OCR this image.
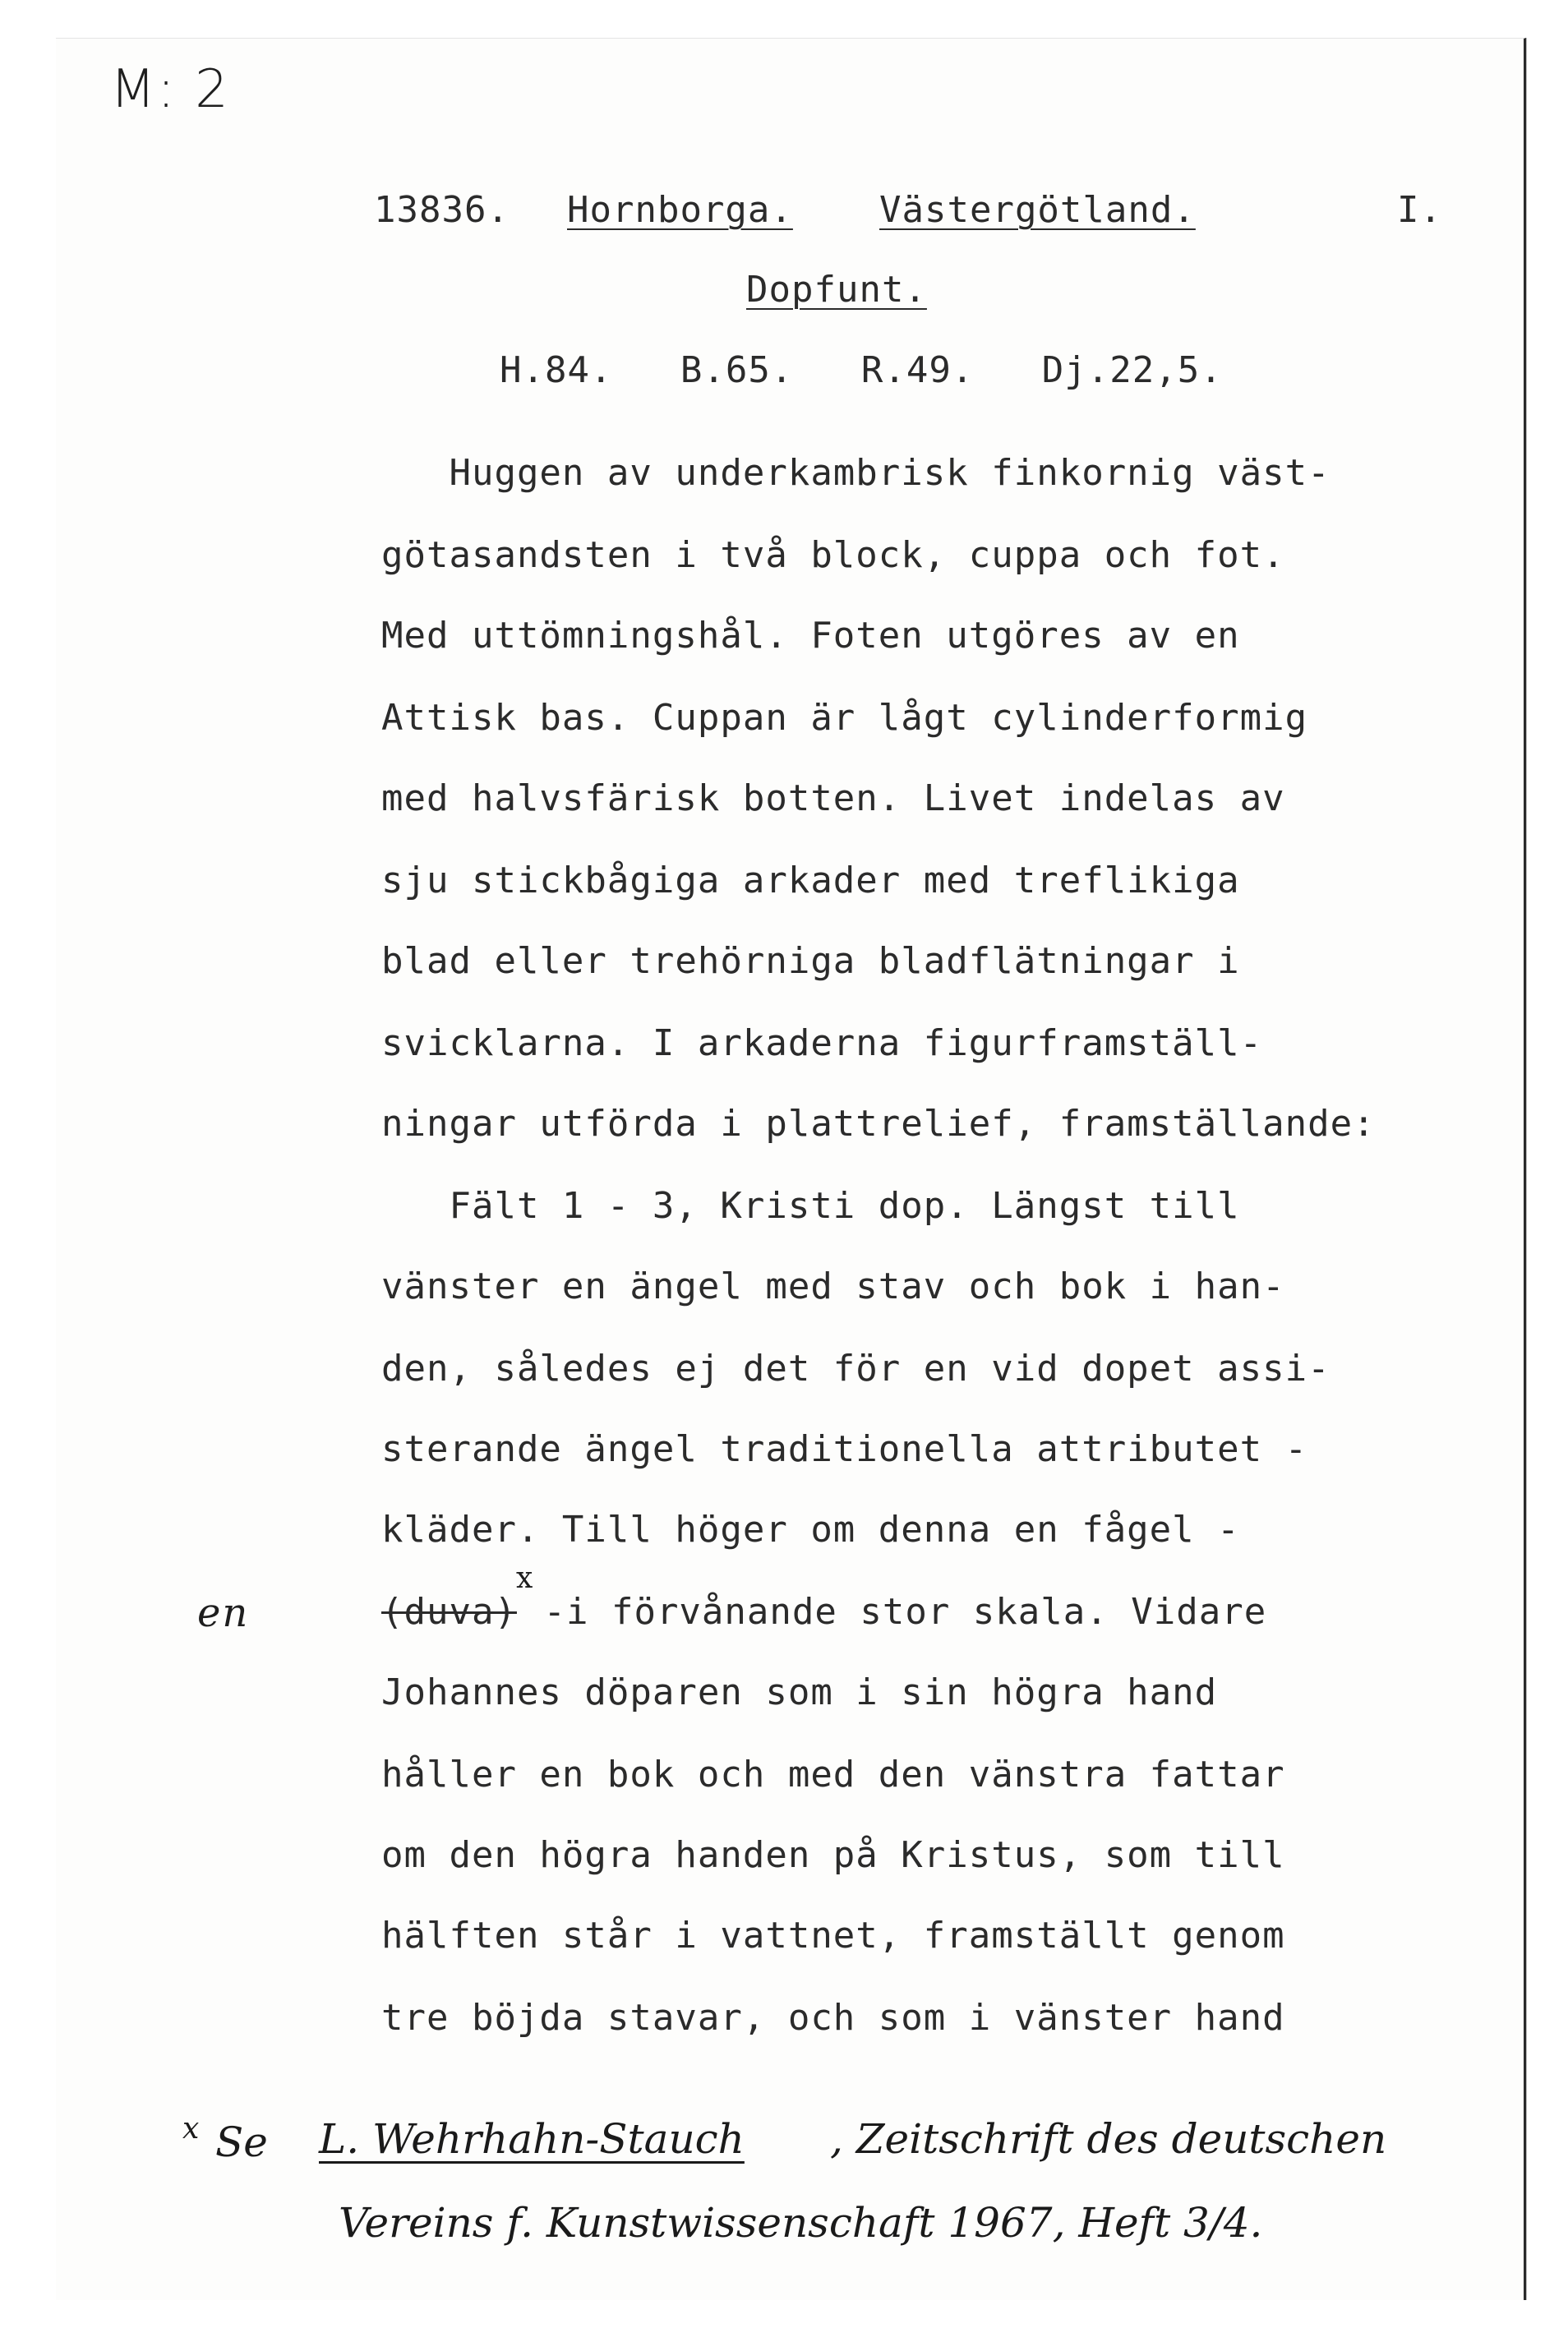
M: 2
13836. Hornborga. Västergötland.	I.
Dopfunt.
H.84.   B.65.   R.49.   Dj.22,5.
Huggen av underkambrisk finkornig väst-
götasandsten i två block, cuppa och fot.
Med uttömningshål. Foten utgöres av en
Attisk bas. Cuppan är lågt cylinderformig
med halvsfärisk botten. Livet indelas av
sju stickbågiga arkader med treflikiga
blad eller trehörniga bladflätningar i
svicklarna. I arkaderna figurframställ-
ningar utförda i plattrelief, framställande:
Fält 1 - 3, Kristi dop. Längst till
vänster en ängel med stav och bok i han-
den, således ej det för en vid dopet assi-
sterande ängel traditionella attributet -
kläder. Till höger om denna en fågel -
en
x
(duva) -i förvånande stor skala. Vidare
Johannes döparen som i sin högra hand
håller en bok och med den vänstra fattar
om den högra handen på Kristus, som till
hälften står i vattnet, framställt genom
tre böjda stavar, och som i vänster hand
x Se L. Wehrhahn-Stauch , Zeitschrift des deutschen
Vereins f. Kunstwissenschaft 1967, Heft 3/4.
